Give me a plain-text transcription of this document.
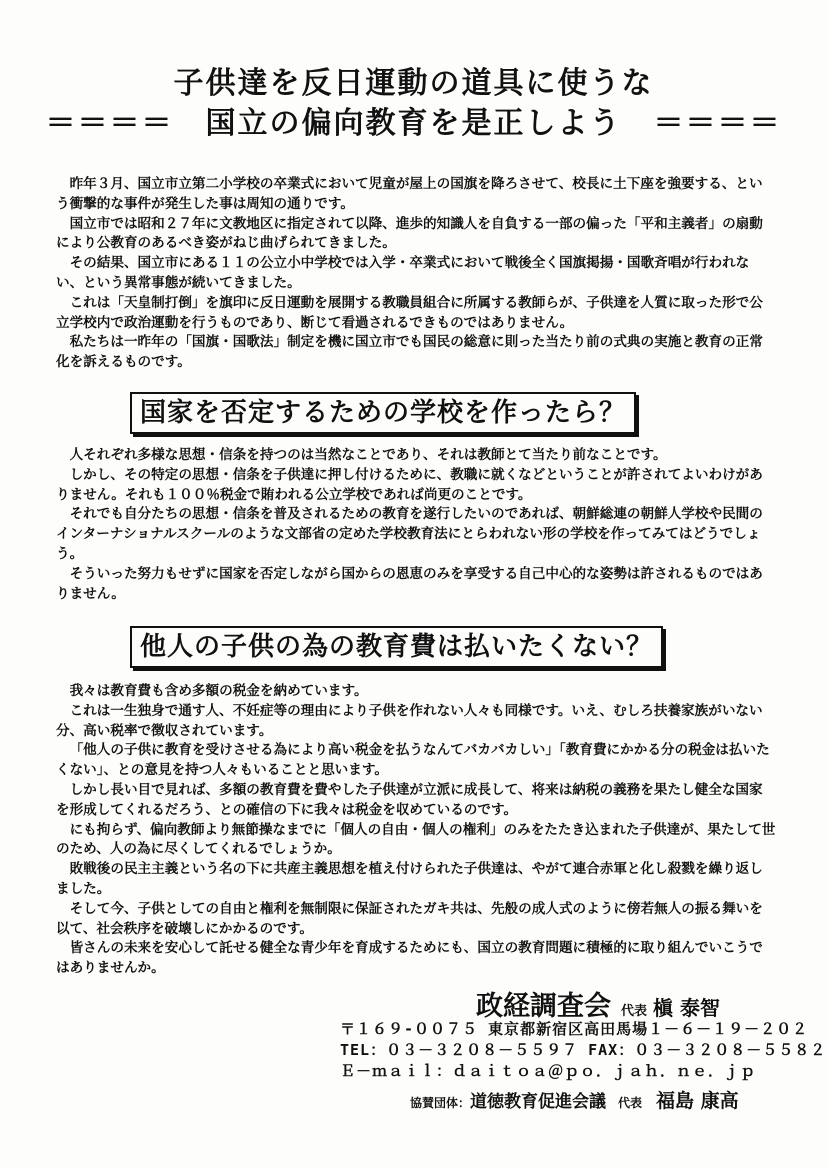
子供達を反日運動の道具に使うな
＝＝＝＝　国立の偏向教育を是正しよう　＝＝＝＝

昨年３月、国立市立第二小学校の卒業式において児童が屋上の国旗を降ろさせて、校長に土下座を強要する、という衝撃的な事件が発生した事は周知の通りです。

国立市では昭和２７年に文教地区に指定されて以降、進歩的知識人を自負する一部の偏った「平和主義者」の扇動により公教育のあるべき姿がねじ曲げられてきました。

その結果、国立市にある１１の公立小中学校では入学・卒業式において戦後全く国旗掲揚・国歌斉唱が行われない、という異常事態が続いてきました。

これは「天皇制打倒」を旗印に反日運動を展開する教職員組合に所属する教師らが、子供達を人質に取った形で公立学校内で政治運動を行うものであり、断じて看過されるできものではありません。

私たちは一昨年の「国旗・国歌法」制定を機に国立市でも国民の総意に則った当たり前の式典の実施と教育の正常化を訴えるものです。

国家を否定するための学校を作ったら？

人それぞれ多様な思想・信条を持つのは当然なことであり、それは教師とて当たり前なことです。

しかし、その特定の思想・信条を子供達に押し付けるために、教職に就くなどということが許されてよいわけがありません。それも１００％税金で賄われる公立学校であれば尚更のことです。

それでも自分たちの思想・信条を普及されるための教育を遂行したいのであれば、朝鮮総連の朝鮮人学校や民間のインターナショナルスクールのような文部省の定めた学校教育法にとらわれない形の学校を作ってみてはどうでしょう。

そういった努力もせずに国家を否定しながら国からの恩恵のみを享受する自己中心的な姿勢は許されるものではありません。

他人の子供の為の教育費は払いたくない？

我々は教育費も含め多額の税金を納めています。

これは一生独身で通す人、不妊症等の理由により子供を作れない人々も同様です。いえ、むしろ扶養家族がいない分、高い税率で徴収されています。

「他人の子供に教育を受けさせる為により高い税金を払うなんてバカバカしい」「教育費にかかる分の税金は払いたくない」、との意見を持つ人々もいることと思います。

しかし長い目で見れば、多額の教育費を費やした子供達が立派に成長して、将来は納税の義務を果たし健全な国家を形成してくれるだろう、との確信の下に我々は税金を収めているのです。

にも拘らず、偏向教師より無節操なまでに「個人の自由・個人の権利」のみをたたき込まれた子供達が、果たして世のため、人の為に尽くしてくれるでしょうか。

敗戦後の民主主義という名の下に共産主義思想を植え付けられた子供達は、やがて連合赤軍と化し殺戮を繰り返しました。

そして今、子供としての自由と権利を無制限に保証されたガキ共は、先般の成人式のように傍若無人の振る舞いを以て、社会秩序を破壊しにかかるのです。

皆さんの未来を安心して託せる健全な青少年を育成するためにも、国立の教育問題に積極的に取り組んでいこうではありませんか。

政経調査会 代表 槇 泰智
〒１６９-００７５ 東京都新宿区高田馬場１－６－１９－２０２
TEL：０３－３２０８－５５９７ FAX：０３－３２０８－５５８２
Ｅ－ｍａｉｌ：ｄａｉｔｏａ＠ｐｏ．ｊａｈ．ｎｅ．ｊｐ
協賛団体：道徳教育促進会議 代表 福島 康高
